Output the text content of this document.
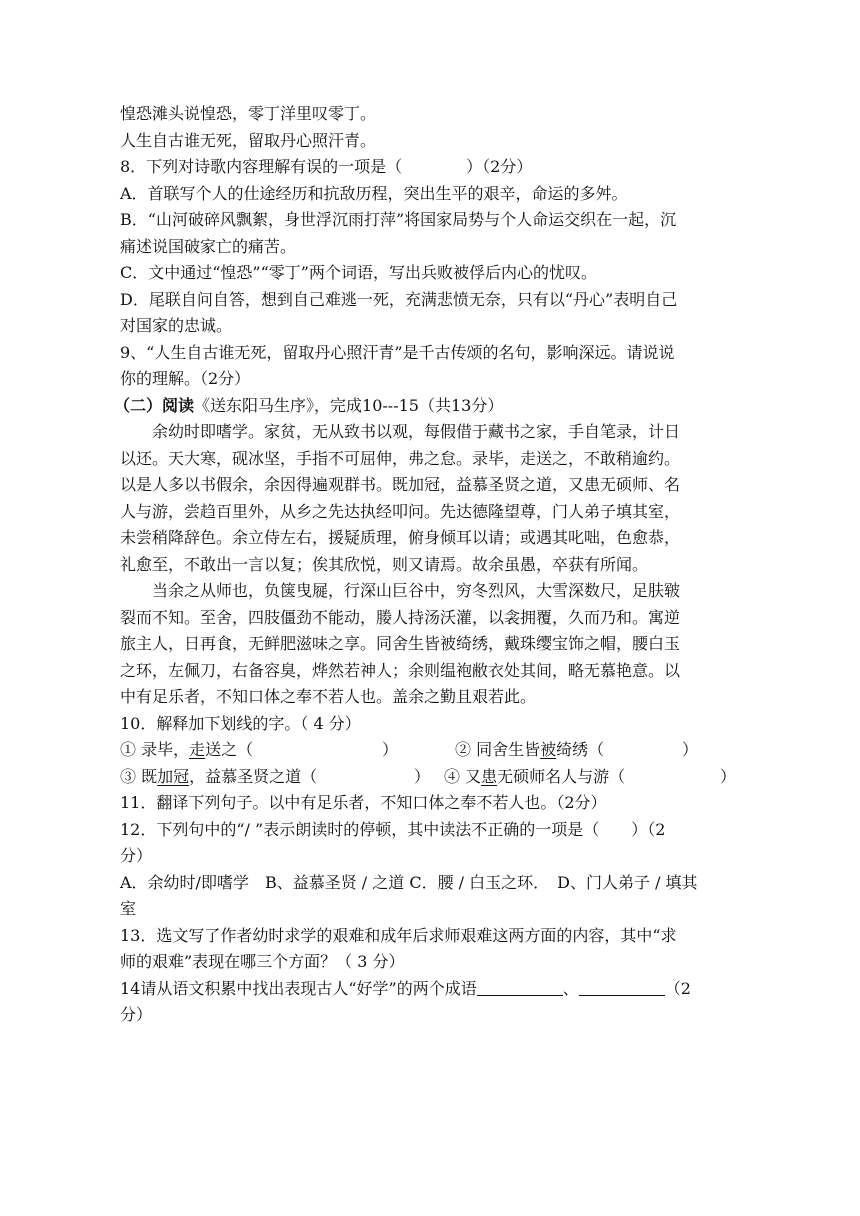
惶恐滩头说惶恐，零丁洋里叹零丁。
人生自古谁无死，留取丹心照汗青。
8．下列对诗歌内容理解有误的一项是（　　　　）（2分）
A．首联写个人的仕途经历和抗敌历程，突出生平的艰辛，命运的多舛。
B．“山河破碎风飘絮，身世浮沉雨打萍”将国家局势与个人命运交织在一起，沉
痛述说国破家亡的痛苦。
C．文中通过“惶恐”“零丁”两个词语，写出兵败被俘后内心的忧叹。
D．尾联自问自答，想到自己难逃一死，充满悲愤无奈，只有以“丹心”表明自己
对国家的忠诚。
9、“人生自古谁无死，留取丹心照汗青”是千古传颂的名句，影响深远。请说说
你的理解。（2分）
（二）阅读《送东阳马生序》，完成10---15（共13分）
余幼时即嗜学。家贫，无从致书以观，每假借于藏书之家，手自笔录，计日
以还。天大寒，砚冰坚，手指不可屈伸，弗之怠。录毕，走送之，不敢稍逾约。
以是人多以书假余，余因得遍观群书。既加冠，益慕圣贤之道，又患无硕师、名
人与游，尝趋百里外，从乡之先达执经叩问。先达德隆望尊，门人弟子填其室，
未尝稍降辞色。余立侍左右，援疑质理，俯身倾耳以请；或遇其叱咄，色愈恭，
礼愈至，不敢出一言以复；俟其欣悦，则又请焉。故余虽愚，卒获有所闻。
当余之从师也，负箧曳屣，行深山巨谷中，穷冬烈风，大雪深数尺，足肤皲
裂而不知。至舍，四肢僵劲不能动，媵人持汤沃灌，以衾拥覆，久而乃和。寓逆
旅主人，日再食，无鲜肥滋味之享。同舍生皆被绮绣，戴珠缨宝饰之帽，腰白玉
之环，左佩刀，右备容臭，烨然若神人；余则缊袍敝衣处其间，略无慕艳意。以
中有足乐者，不知口体之奉不若人也。盖余之勤且艰若此。
10．解释加下划线的字。（ 4 分）
① 录毕，走送之（	）	② 同舍生皆被绮绣（	）
③ 既加冠，益慕圣贤之道（	） ④ 又患无硕师名人与游（	）
11．翻译下列句子。以中有足乐者，不知口体之奉不若人也。（2分）
12．下列句中的“/ ”表示朗读时的停顿，其中读法不正确的一项是（　　）（2
分）
A．余幼时/即嗜学　B、益慕圣贤 / 之道 C．腰 / 白玉之环．　D、门人弟子 / 填其
室
13．选文写了作者幼时求学的艰难和成年后求师艰难这两方面的内容，其中“求
师的艰难”表现在哪三个方面？（ 3 分）
14请从语文积累中找出表现古人“好学”的两个成语	、	（2
分）
